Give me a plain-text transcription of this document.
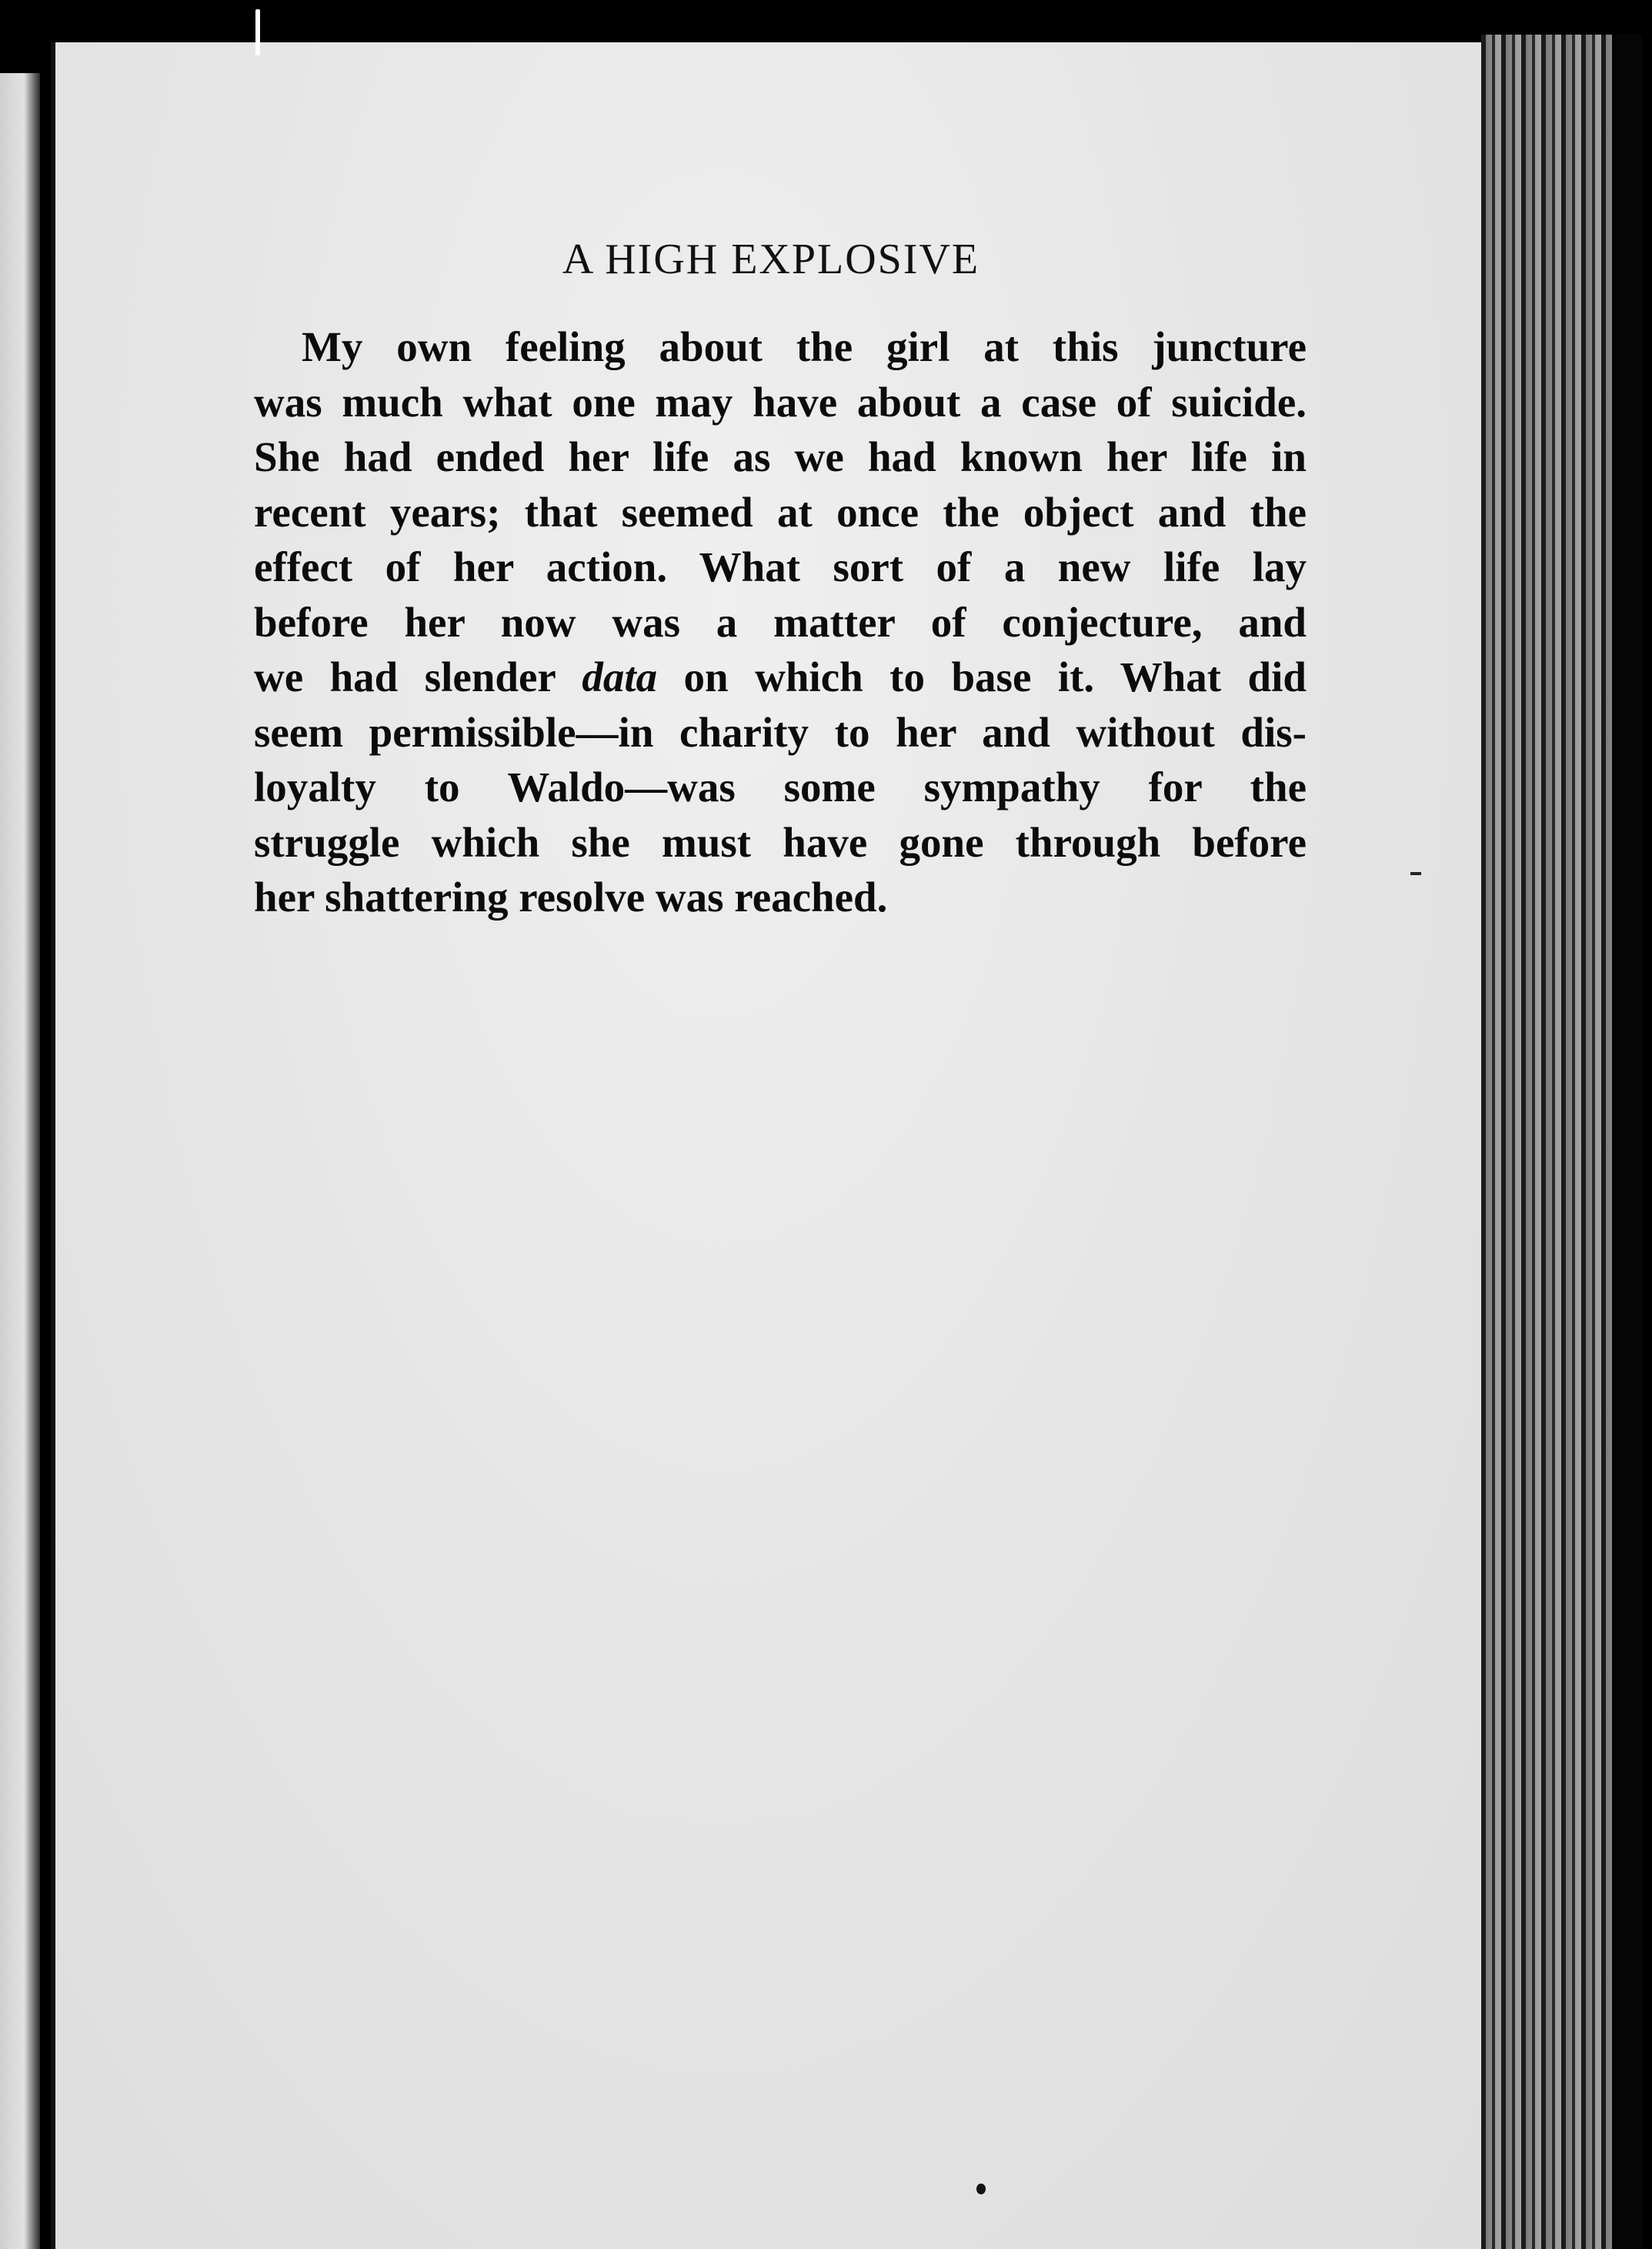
A HIGH EXPLOSIVE
My own feeling about the girl at this juncture
was much what one may have about a case of suicide.
She had ended her life as we had known her life in
recent years; that seemed at once the object and the
effect of her action. What sort of a new life lay
before her now was a matter of conjecture, and
we had slender data on which to base it. What did
seem permissible—in charity to her and without dis-
loyalty to Waldo—was some sympathy for the
struggle which she must have gone through before
her shattering resolve was reached.
